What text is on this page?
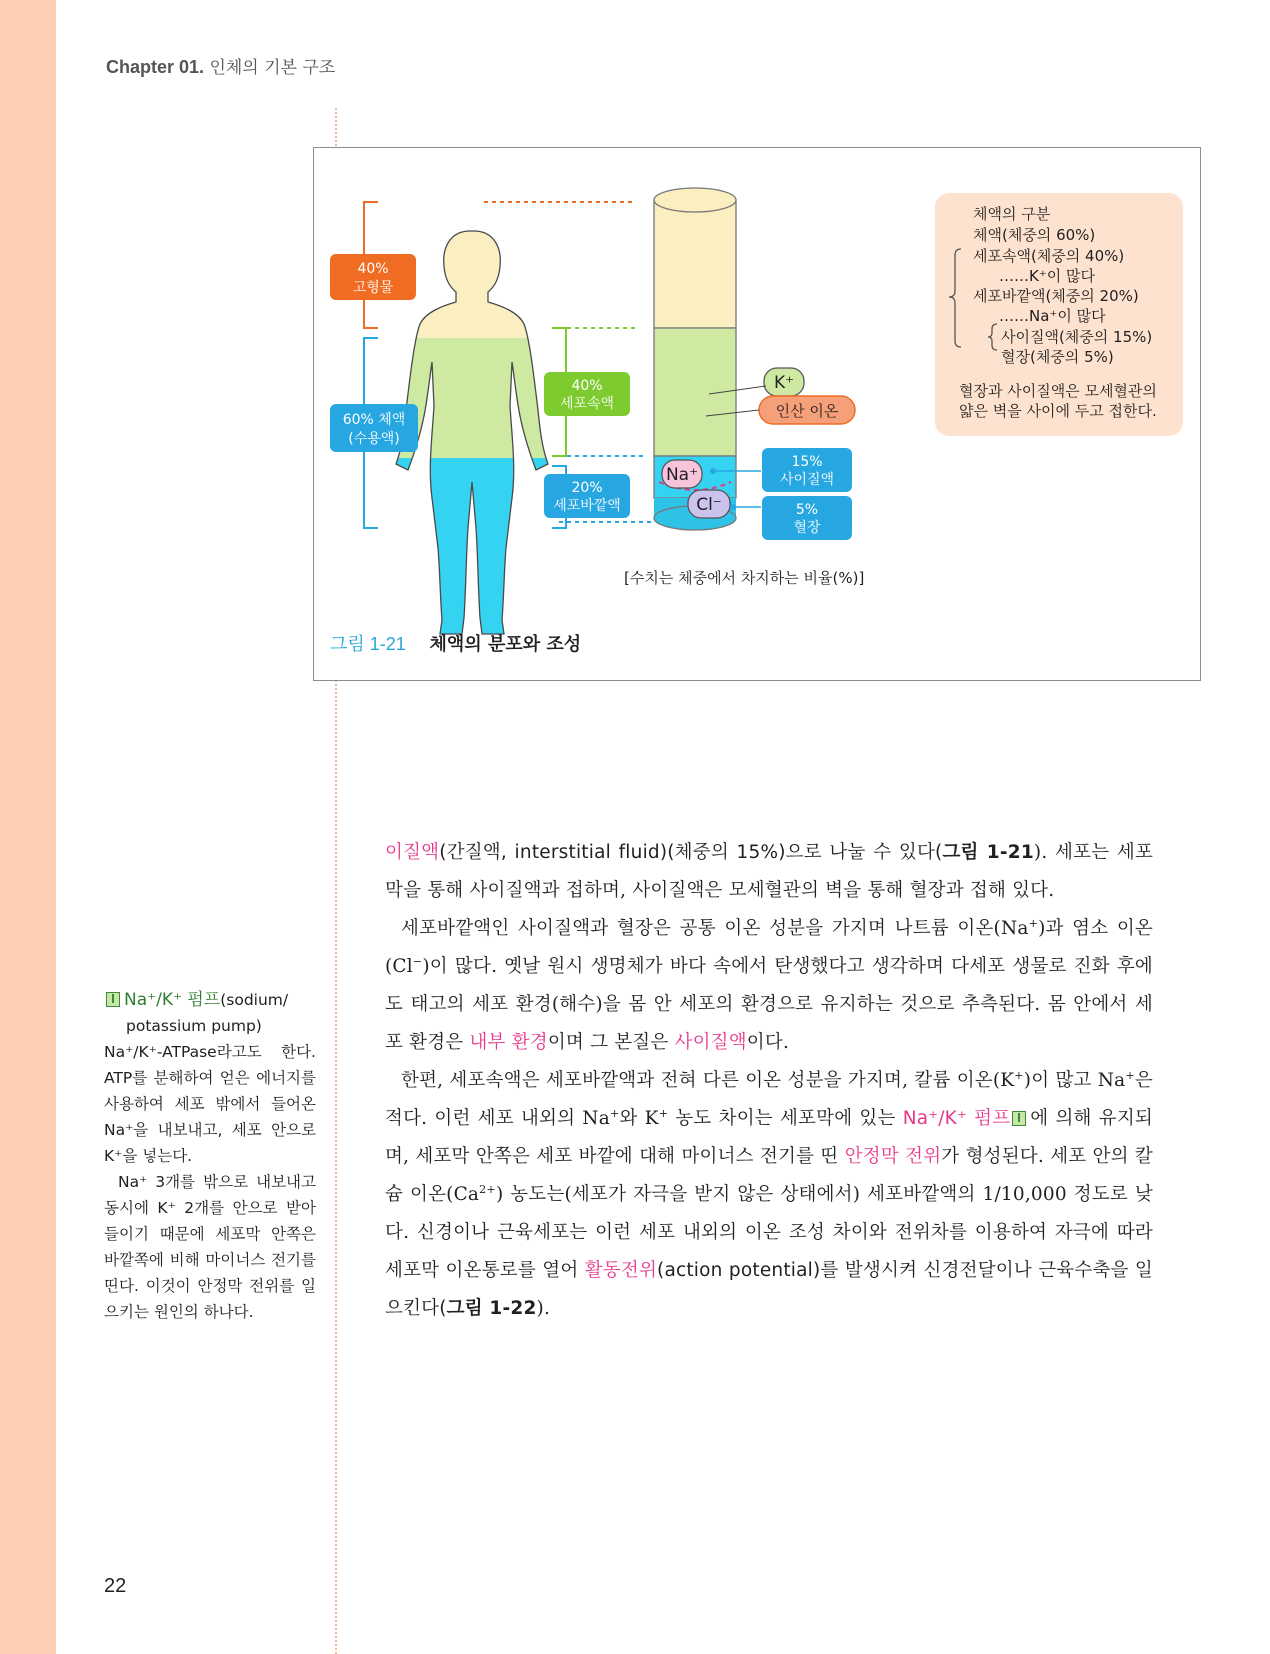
Chapter 01. 인체의 기본 구조
K⁺
인산 이온
Na⁺
Cl⁻
40%
고형물
60% 체액
(수용액)
40%
세포속액
20%
세포바깥액
15%
사이질액
5%
혈장
[수치는 체중에서 차지하는 비율(%)]
그림 1-21 체액의 분포와 조성
체액의 구분
체액(체중의 60%)
세포속액(체중의 40%)
……K⁺이 많다
세포바깥액(체중의 20%)
……Na⁺이 많다
사이질액(체중의 15%)
혈장(체중의 5%)
혈장과 사이질액은 모세혈관의
얇은 벽을 사이에 두고 접한다.

이질액(간질액, interstitial fluid)(체중의 15%)으로 나눌 수 있다(그림 1-21). 세포는 세포막을 통해 사이질액과 접하며, 사이질액은 모세혈관의 벽을 통해 혈장과 접해 있다.

세포바깥액인 사이질액과 혈장은 공통 이온 성분을 가지며 나트륨 이온(Na+)과 염소 이온(Cl−)이 많다. 옛날 원시 생명체가 바다 속에서 탄생했다고 생각하며 다세포 생물로 진화 후에도 태고의 세포 환경(해수)을 몸 안 세포의 환경으로 유지하는 것으로 추측된다. 몸 안에서 세포 환경은 내부 환경이며 그 본질은 사이질액이다.

한편, 세포속액은 세포바깥액과 전혀 다른 이온 성분을 가지며, 칼륨 이온(K+)이 많고 Na+은 적다. 이런 세포 내외의 Na+와 K+ 농도 차이는 세포막에 있는 Na⁺/K⁺ 펌프 에 의해 유지되며, 세포막 안쪽은 세포 바깥에 대해 마이너스 전기를 띤 안정막 전위가 형성된다. 세포 안의 칼슘 이온$(Ca^{2+})$ 농도는(세포가 자극을 받지 않은 상태에서) 세포바깥액의 1/10,000 정도로 낮다. 신경이나 근육세포는 이런 세포 내외의 이온 조성 차이와 전위차를 이용하여 자극에 따라 세포막 이온통로를 열어 활동전위(action potential)를 발생시켜 신경전달이나 근육수축을 일으킨다(그림 1-22).

Na⁺/K⁺ 펌프(sodium/
potassium pump)

Na⁺/K⁺-ATPase라고도 한다. ATP를 분해하여 얻은 에너지를 사용하여 세포 밖에서 들어온 Na⁺을 내보내고, 세포 안으로 K⁺을 넣는다.

Na⁺ 3개를 밖으로 내보내고 동시에 K⁺ 2개를 안으로 받아들이기 때문에 세포막 안쪽은 바깥쪽에 비해 마이너스 전기를 띤다. 이것이 안정막 전위를 일으키는 원인의 하나다.

22
